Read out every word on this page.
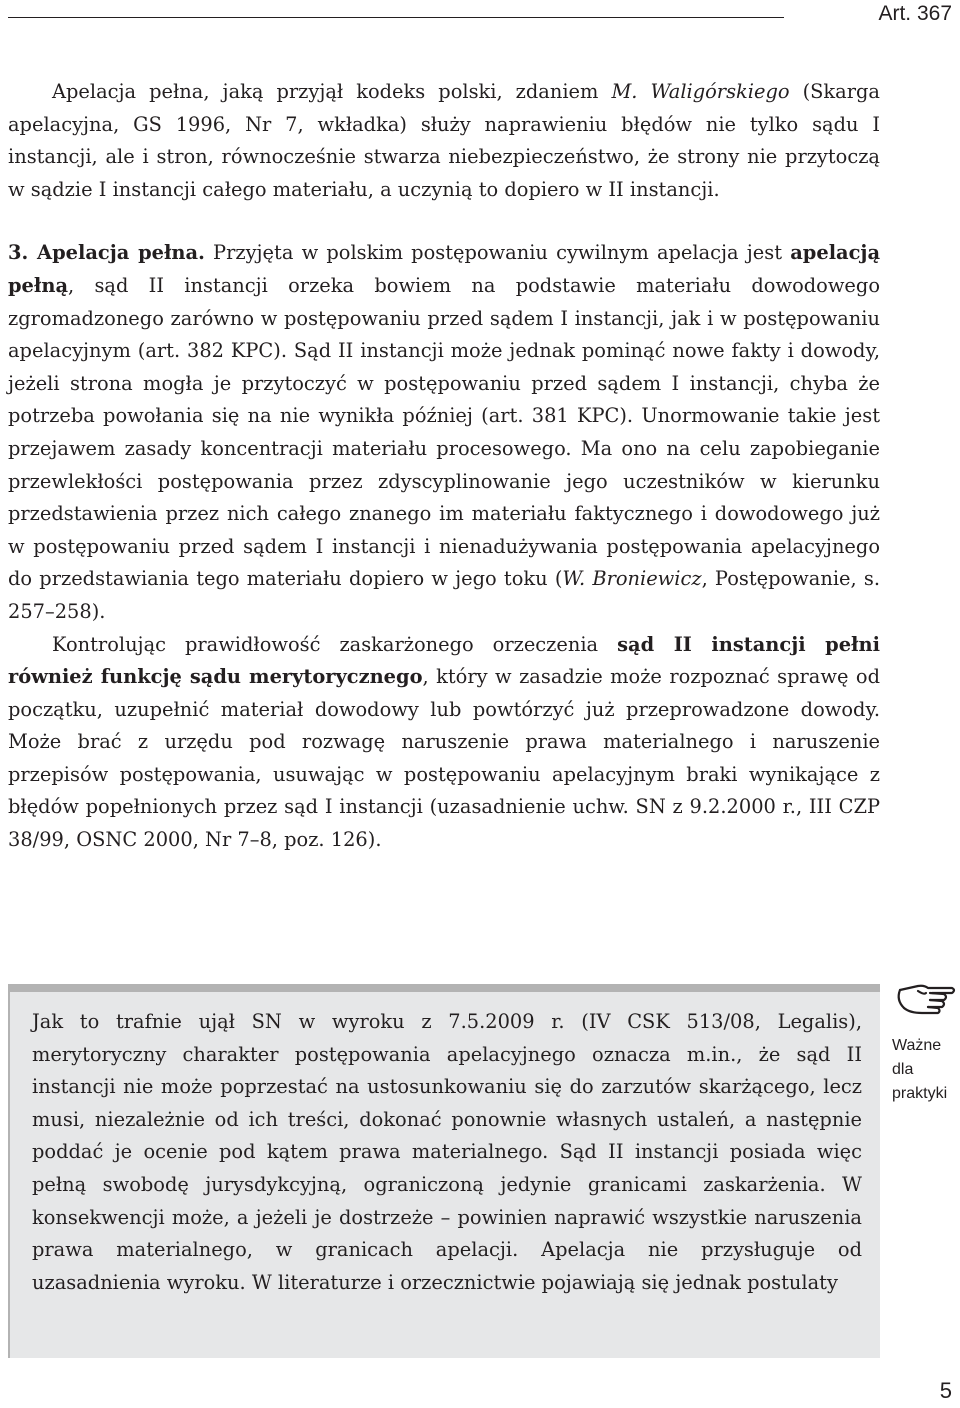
Art. 367

Apelacja pełna, jaką przyjął kodeks polski, zdaniem M. Waligórskiego (Skarga apelacyjna, GS 1996, Nr 7, wkładka) służy naprawieniu błędów nie tylko sądu I instancji, ale i stron, równocześnie stwarza niebezpieczeństwo, że strony nie przytoczą w sądzie I instancji całego materiału, a uczynią to dopiero w II instancji.

3. Apelacja pełna. Przyjęta w polskim postępowaniu cywilnym apelacja jest apelacją pełną, sąd II instancji orzeka bowiem na podstawie materiału dowodowego zgromadzonego zarówno w postępowaniu przed sądem I instancji, jak i w postępowaniu apelacyjnym (art. 382 KPC). Sąd II instancji może jednak pominąć nowe fakty i dowody, jeżeli strona mogła je przytoczyć w postępowaniu przed sądem I instancji, chyba że potrzeba powołania się na nie wynikła później (art. 381 KPC). Unormowanie takie jest przejawem zasady koncentracji materiału procesowego. Ma ono na celu zapobieganie przewlekłości postępowania przez zdyscyplinowanie jego uczestników w kierunku przedstawienia przez nich całego znanego im materiału faktycznego i dowodowego już w postępowaniu przed sądem I instancji i nienadużywania postępowania apelacyjnego do przedstawiania tego materiału dopiero w jego toku (W. Broniewicz, Postępowanie, s. 257–258).

Kontrolując prawidłowość zaskarżonego orzeczenia sąd II instancji pełni również funkcję sądu merytorycznego, który w zasadzie może rozpoznać sprawę od początku, uzupełnić materiał dowodowy lub powtórzyć już przeprowadzone dowody. Może brać z urzędu pod rozwagę naruszenie prawa materialnego i naruszenie przepisów postępowania, usuwając w postępowaniu apelacyjnym braki wynikające z błędów popełnionych przez sąd I instancji (uzasadnienie uchw. SN z 9.2.2000 r., III CZP 38/99, OSNC 2000, Nr 7–8, poz. 126).

Jak to trafnie ujął SN w wyroku z 7.5.2009 r. (IV CSK 513/08, Legalis), merytoryczny charakter postępowania apelacyjnego oznacza m.in., że sąd II instancji nie może poprzestać na ustosunkowaniu się do zarzutów skarżącego, lecz musi, niezależnie od ich treści, dokonać ponownie własnych ustaleń, a następnie poddać je ocenie pod kątem prawa materialnego. Sąd II instancji posiada więc pełną swobodę jurysdykcyjną, ograniczoną jedynie granicami zaskarżenia. W konsekwencji może, a jeżeli je dostrzeże – powinien naprawić wszystkie naruszenia prawa materialnego, w granicach apelacji. Apelacja nie przysługuje od uzasadnienia wyroku. W literaturze i orzecznictwie pojawiają się jednak postulaty

Ważne
dla
praktyki
5
